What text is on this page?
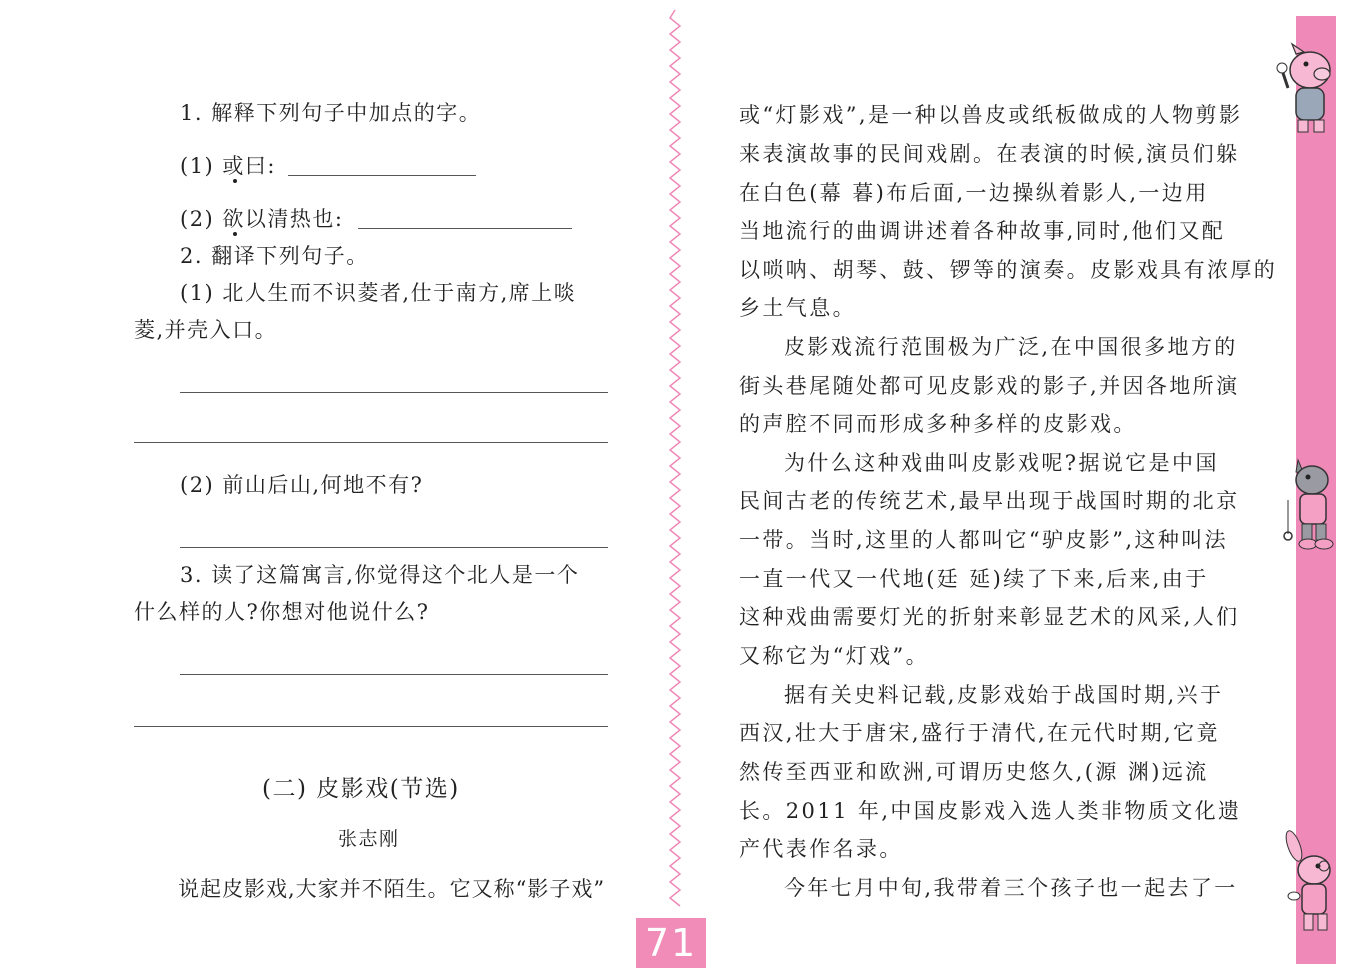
71
1. 解释下列句子中加点的字。
(1) 或曰:
(2) 欲以清热也:
2. 翻译下列句子。
(1) 北人生而不识菱者,仕于南方,席上啖
菱,并壳入口。
(2) 前山后山,何地不有?
3. 读了这篇寓言,你觉得这个北人是一个
什么样的人?你想对他说什么?
(二) 皮影戏(节选)
张志刚
说起皮影戏,大家并不陌生。它又称“影子戏”
或“灯影戏”,是一种以兽皮或纸板做成的人物剪影
来表演故事的民间戏剧。在表演的时候,演员们躲
在白色(幕 暮)布后面,一边操纵着影人,一边用
当地流行的曲调讲述着各种故事,同时,他们又配
以唢呐、胡琴、鼓、锣等的演奏。皮影戏具有浓厚的
乡土气息。
皮影戏流行范围极为广泛,在中国很多地方的
街头巷尾随处都可见皮影戏的影子,并因各地所演
的声腔不同而形成多种多样的皮影戏。
为什么这种戏曲叫皮影戏呢?据说它是中国
民间古老的传统艺术,最早出现于战国时期的北京
一带。当时,这里的人都叫它“驴皮影”,这种叫法
一直一代又一代地(廷 延)续了下来,后来,由于
这种戏曲需要灯光的折射来彰显艺术的风采,人们
又称它为“灯戏”。
据有关史料记载,皮影戏始于战国时期,兴于
西汉,壮大于唐宋,盛行于清代,在元代时期,它竟
然传至西亚和欧洲,可谓历史悠久,(源 渊)远流
长。2011 年,中国皮影戏入选人类非物质文化遗
产代表作名录。
今年七月中旬,我带着三个孩子也一起去了一
